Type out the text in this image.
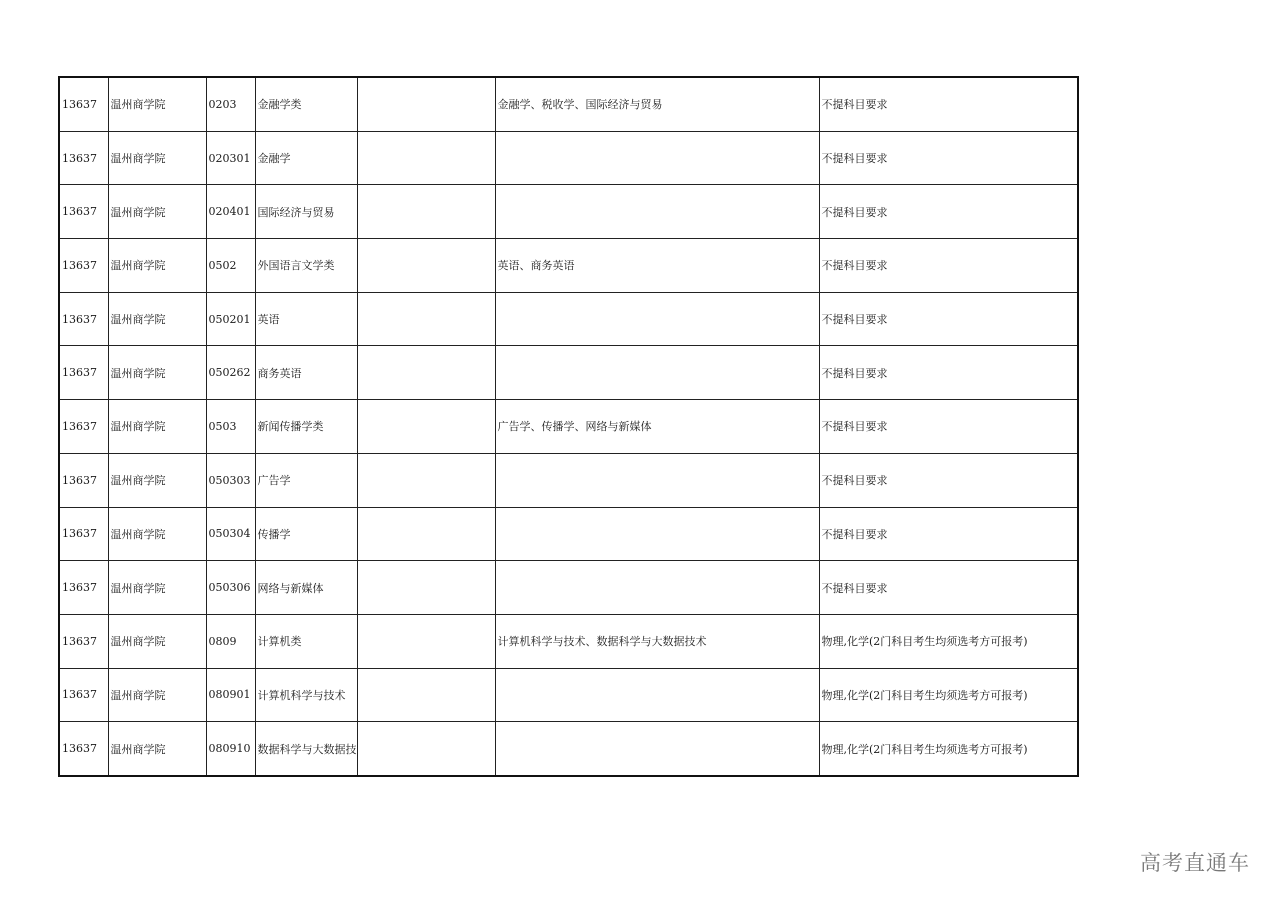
13637	温州商学院	0203	金融学类		金融学、税收学、国际经济与贸易	不提科目要求
13637	温州商学院	020301	金融学			不提科目要求
13637	温州商学院	020401	国际经济与贸易			不提科目要求
13637	温州商学院	0502	外国语言文学类		英语、商务英语	不提科目要求
13637	温州商学院	050201	英语			不提科目要求
13637	温州商学院	050262	商务英语			不提科目要求
13637	温州商学院	0503	新闻传播学类		广告学、传播学、网络与新媒体	不提科目要求
13637	温州商学院	050303	广告学			不提科目要求
13637	温州商学院	050304	传播学			不提科目要求
13637	温州商学院	050306	网络与新媒体			不提科目要求
13637	温州商学院	0809	计算机类		计算机科学与技术、数据科学与大数据技术	物理,化学(2门科目考生均须选考方可报考)
13637	温州商学院	080901	计算机科学与技术			物理,化学(2门科目考生均须选考方可报考)
13637	温州商学院	080910	数据科学与大数据技			物理,化学(2门科目考生均须选考方可报考)
高考直通车
